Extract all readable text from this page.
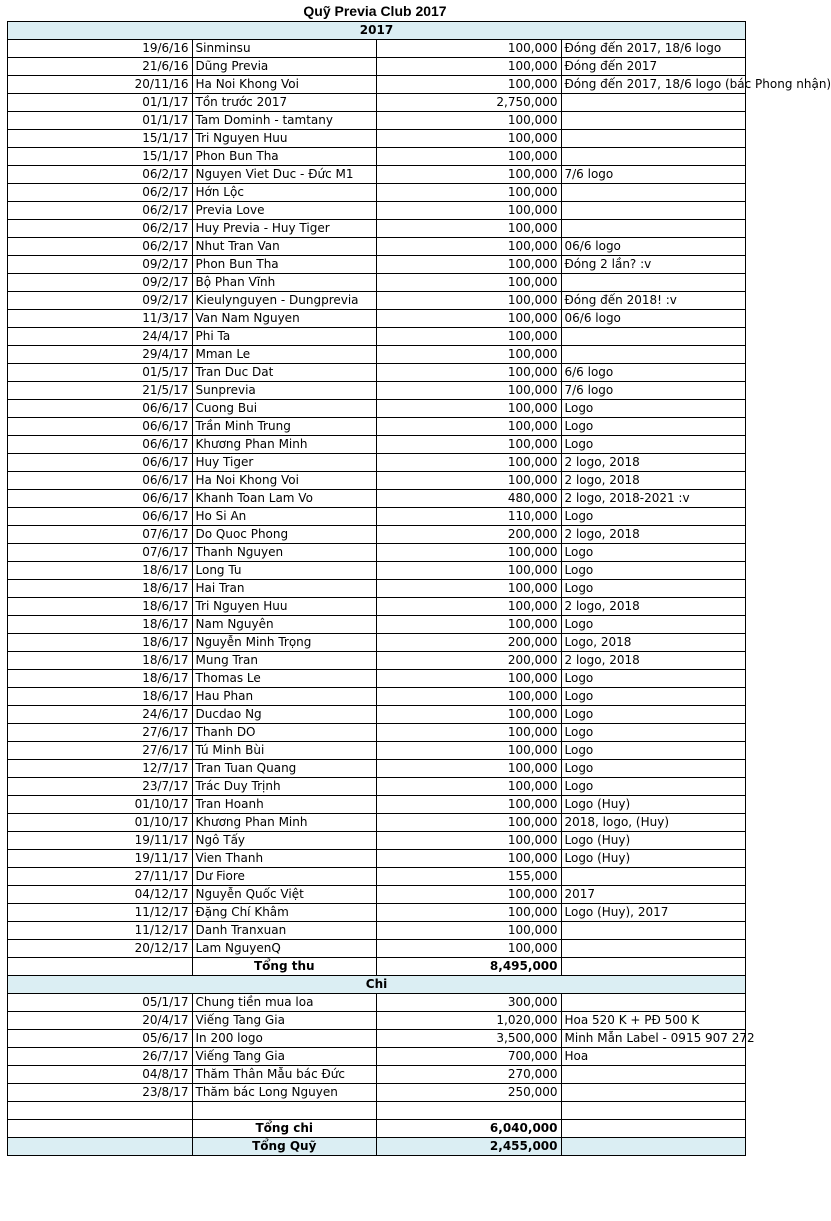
Quỹ Previa Club 2017
2017			
19/6/16	Sinminsu	100,000	Đóng đến 2017, 18/6 logo
21/6/16	Dũng Previa	100,000	Đóng đến 2017
20/11/16	Ha Noi Khong Voi	100,000	Đóng đến 2017, 18/6 logo (bác Phong nhận)
01/1/17	Tồn trước 2017	2,750,000	
01/1/17	Tam Dominh - tamtany	100,000	
15/1/17	Tri Nguyen Huu	100,000	
15/1/17	Phon Bun Tha	100,000	
06/2/17	Nguyen Viet Duc - Đức M1	100,000	7/6 logo
06/2/17	Hớn Lộc	100,000	
06/2/17	Previa Love	100,000	
06/2/17	Huy Previa - Huy Tiger	100,000	
06/2/17	Nhut Tran Van	100,000	06/6 logo
09/2/17	Phon Bun Tha	100,000	Đóng 2 lần? :v
09/2/17	Bộ Phan Vĩnh	100,000	
09/2/17	Kieulynguyen - Dungprevia	100,000	Đóng đến 2018! :v
11/3/17	Van Nam Nguyen	100,000	06/6 logo
24/4/17	Phi Ta	100,000	
29/4/17	Mman Le	100,000	
01/5/17	Tran Duc Dat	100,000	6/6 logo
21/5/17	Sunprevia	100,000	7/6 logo
06/6/17	Cuong Bui	100,000	Logo
06/6/17	Trần Minh Trung	100,000	Logo
06/6/17	Khương Phan Minh	100,000	Logo
06/6/17	Huy Tiger	100,000	2 logo, 2018
06/6/17	Ha Noi Khong Voi	100,000	2 logo, 2018
06/6/17	Khanh Toan Lam Vo	480,000	2 logo, 2018-2021 :v
06/6/17	Ho Si An	110,000	Logo
07/6/17	Do Quoc Phong	200,000	2 logo, 2018
07/6/17	Thanh Nguyen	100,000	Logo
18/6/17	Long Tu	100,000	Logo
18/6/17	Hai Tran	100,000	Logo
18/6/17	Tri Nguyen Huu	100,000	2 logo, 2018
18/6/17	Nam Nguyên	100,000	Logo
18/6/17	Nguyễn Minh Trọng	200,000	Logo, 2018
18/6/17	Mung Tran	200,000	2 logo, 2018
18/6/17	Thomas Le	100,000	Logo
18/6/17	Hau Phan	100,000	Logo
24/6/17	Ducdao Ng	100,000	Logo
27/6/17	Thanh DO	100,000	Logo
27/6/17	Tú Minh Bùi	100,000	Logo
12/7/17	Tran Tuan Quang	100,000	Logo
23/7/17	Trác Duy Trịnh	100,000	Logo
01/10/17	Tran Hoanh	100,000	Logo (Huy)
01/10/17	Khương Phan Minh	100,000	2018, logo, (Huy)
19/11/17	Ngô Tấy	100,000	Logo (Huy)
19/11/17	Vien Thanh	100,000	Logo (Huy)
27/11/17	Dư Fiore	155,000	
04/12/17	Nguyễn Quốc Việt	100,000	2017
11/12/17	Đặng Chí Khâm	100,000	Logo (Huy), 2017
11/12/17	Danh Tranxuan	100,000	
20/12/17	Lam NguyenQ	100,000	
	Tổng thu	8,495,000	
Chi			
05/1/17	Chung tiền mua loa	300,000	
20/4/17	Viếng Tang Gia	1,020,000	Hoa 520 K + PĐ 500 K
05/6/17	In 200 logo	3,500,000	Minh Mẫn Label - 0915 907 272
26/7/17	Viếng Tang Gia	700,000	Hoa
04/8/17	Thăm Thân Mẫu bác Đức	270,000	
23/8/17	Thăm bác Long Nguyen	250,000	

	Tổng chi	6,040,000	
	Tổng Quỹ	2,455,000	
